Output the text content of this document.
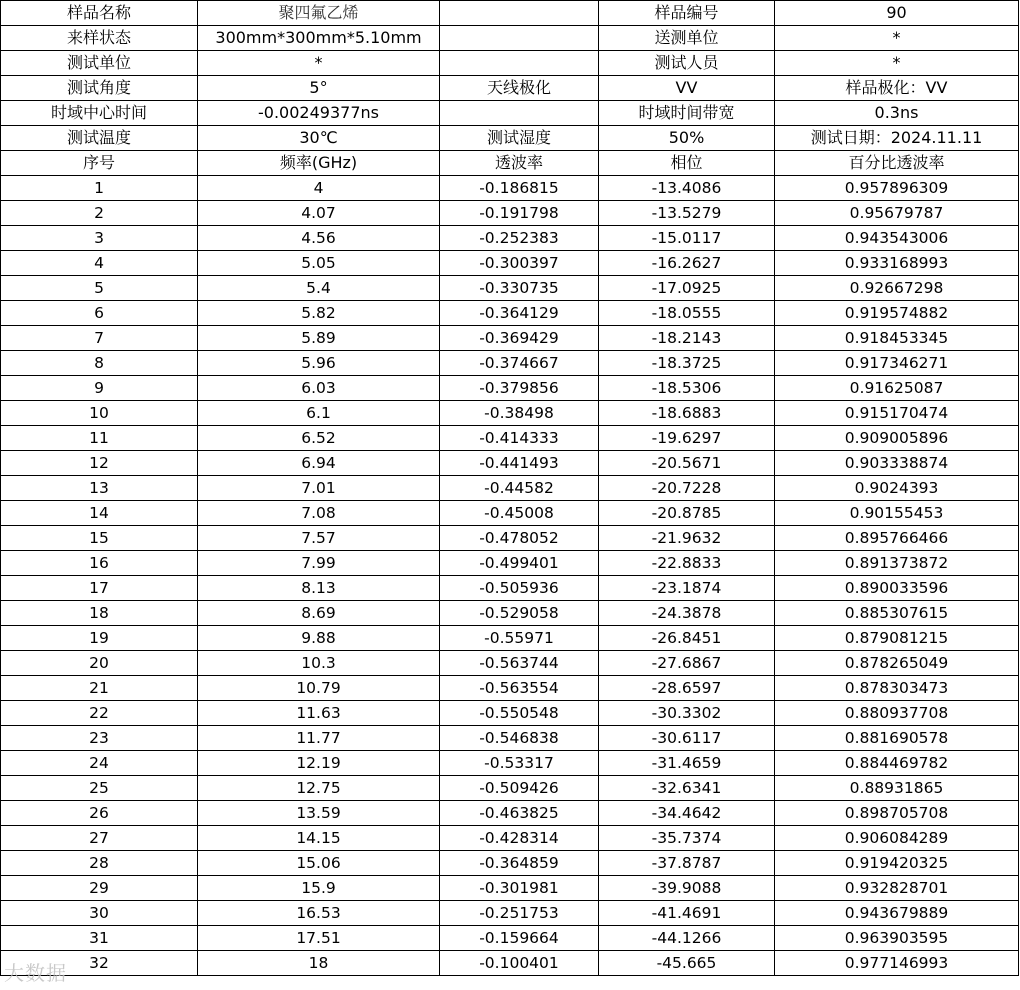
样品名称	聚四氟乙烯		样品编号	90
来样状态	300mm*300mm*5.10mm		送测单位	*
测试单位	*		测试人员	*
测试角度	5°	天线极化	VV	样品极化：VV
时域中心时间	-0.00249377ns		时域时间带宽	0.3ns
测试温度	30℃	测试湿度	50%	测试日期：2024.11.11
序号	频率(GHz)	透波率	相位	百分比透波率
1	4	-0.186815	-13.4086	0.957896309
2	4.07	-0.191798	-13.5279	0.95679787
3	4.56	-0.252383	-15.0117	0.943543006
4	5.05	-0.300397	-16.2627	0.933168993
5	5.4	-0.330735	-17.0925	0.92667298
6	5.82	-0.364129	-18.0555	0.919574882
7	5.89	-0.369429	-18.2143	0.918453345
8	5.96	-0.374667	-18.3725	0.917346271
9	6.03	-0.379856	-18.5306	0.91625087
10	6.1	-0.38498	-18.6883	0.915170474
11	6.52	-0.414333	-19.6297	0.909005896
12	6.94	-0.441493	-20.5671	0.903338874
13	7.01	-0.44582	-20.7228	0.9024393
14	7.08	-0.45008	-20.8785	0.90155453
15	7.57	-0.478052	-21.9632	0.895766466
16	7.99	-0.499401	-22.8833	0.891373872
17	8.13	-0.505936	-23.1874	0.890033596
18	8.69	-0.529058	-24.3878	0.885307615
19	9.88	-0.55971	-26.8451	0.879081215
20	10.3	-0.563744	-27.6867	0.878265049
21	10.79	-0.563554	-28.6597	0.878303473
22	11.63	-0.550548	-30.3302	0.880937708
23	11.77	-0.546838	-30.6117	0.881690578
24	12.19	-0.53317	-31.4659	0.884469782
25	12.75	-0.509426	-32.6341	0.88931865
26	13.59	-0.463825	-34.4642	0.898705708
27	14.15	-0.428314	-35.7374	0.906084289
28	15.06	-0.364859	-37.8787	0.919420325
29	15.9	-0.301981	-39.9088	0.932828701
30	16.53	-0.251753	-41.4691	0.943679889
31	17.51	-0.159664	-44.1266	0.963903595
32	18	-0.100401	-45.665	0.977146993
大数据
